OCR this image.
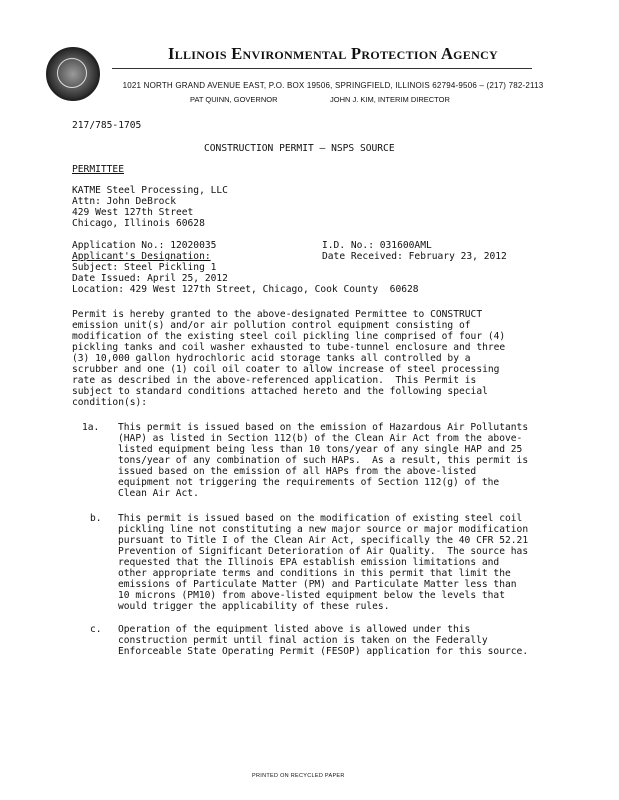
Illinois Environmental Protection Agency
1021 NORTH GRAND AVENUE EAST, P.O. BOX 19506, SPRINGFIELD, ILLINOIS 62794-9506 – (217) 782-2113
PAT QUINN, GOVERNOR	JOHN J. KIM, INTERIM DIRECTOR
217/785-1705
CONSTRUCTION PERMIT – NSPS SOURCE
PERMITTEE
KATME Steel Processing, LLC
Attn: John DeBrock
429 West 127th Street
Chicago, Illinois 60628
Application No.: 12020035	I.D. No.: 031600AML
Applicant's Designation:	Date Received: February 23, 2012
Subject: Steel Pickling 1
Date Issued: April 25, 2012
Location: 429 West 127th Street, Chicago, Cook County  60628
Permit is hereby granted to the above-designated Permittee to CONSTRUCT
emission unit(s) and/or air pollution control equipment consisting of
modification of the existing steel coil pickling line comprised of four (4)
pickling tanks and coil washer exhausted to tube-tunnel enclosure and three
(3) 10,000 gallon hydrochloric acid storage tanks all controlled by a
scrubber and one (1) coil oil coater to allow increase of steel processing
rate as described in the above-referenced application.  This Permit is
subject to standard conditions attached hereto and the following special
condition(s):
1a. This permit is issued based on the emission of Hazardous Air Pollutants
(HAP) as listed in Section 112(b) of the Clean Air Act from the above-
listed equipment being less than 10 tons/year of any single HAP and 25
tons/year of any combination of such HAPs.  As a result, this permit is
issued based on the emission of all HAPs from the above-listed
equipment not triggering the requirements of Section 112(g) of the
Clean Air Act.
b. This permit is issued based on the modification of existing steel coil
pickling line not constituting a new major source or major modification
pursuant to Title I of the Clean Air Act, specifically the 40 CFR 52.21
Prevention of Significant Deterioration of Air Quality.  The source has
requested that the Illinois EPA establish emission limitations and
other appropriate terms and conditions in this permit that limit the
emissions of Particulate Matter (PM) and Particulate Matter less than
10 microns (PM10) from above-listed equipment below the levels that
would trigger the applicability of these rules.
c. Operation of the equipment listed above is allowed under this
construction permit until final action is taken on the Federally
Enforceable State Operating Permit (FESOP) application for this source.
PRINTED ON RECYCLED PAPER
